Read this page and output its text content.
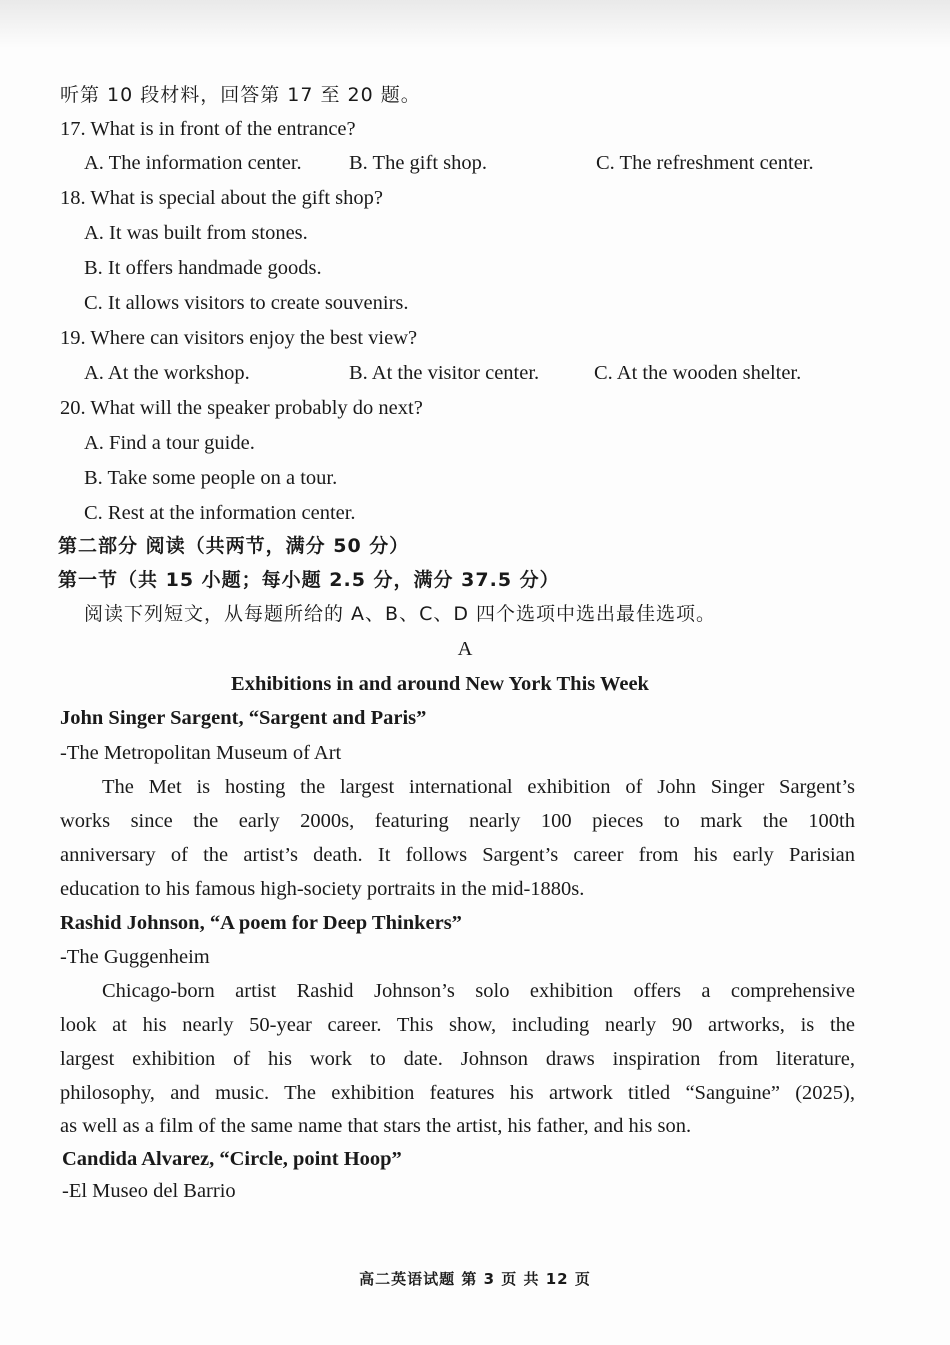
听第 10 段材料，回答第 17 至 20 题。
17. What is in front of the entrance?
A. The information center. B. The gift shop.	C. The refreshment center.
18. What is special about the gift shop?
A. It was built from stones.
B. It offers handmade goods.
C. It allows visitors to create souvenirs.
19. Where can visitors enjoy the best view?
A. At the workshop.	B. At the visitor center.	C. At the wooden shelter.
20. What will the speaker probably do next?
A. Find a tour guide.
B. Take some people on a tour.
C. Rest at the information center.
第二部分 阅读（共两节，满分 50 分）
第一节（共 15 小题；每小题 2.5 分，满分 37.5 分）
阅读下列短文，从每题所给的 A、B、C、D 四个选项中选出最佳选项。
A
Exhibitions in and around New York This Week
John Singer Sargent, “Sargent and Paris”
-The Metropolitan Museum of Art
The Met is hosting the largest international exhibition of John Singer Sargent’s
works since the early 2000s, featuring nearly 100 pieces to mark the 100th
anniversary of the artist’s death. It follows Sargent’s career from his early Parisian
education to his famous high-society portraits in the mid-1880s.
Rashid Johnson, “A poem for Deep Thinkers”
-The Guggenheim
Chicago-born artist Rashid Johnson’s solo exhibition offers a comprehensive
look at his nearly 50-year career. This show, including nearly 90 artworks, is the
largest exhibition of his work to date. Johnson draws inspiration from literature,
philosophy, and music. The exhibition features his artwork titled “Sanguine” (2025),
as well as a film of the same name that stars the artist, his father, and his son.
Candida Alvarez, “Circle, point Hoop”
-El Museo del Barrio
高二英语试题 第 3 页 共 12 页
